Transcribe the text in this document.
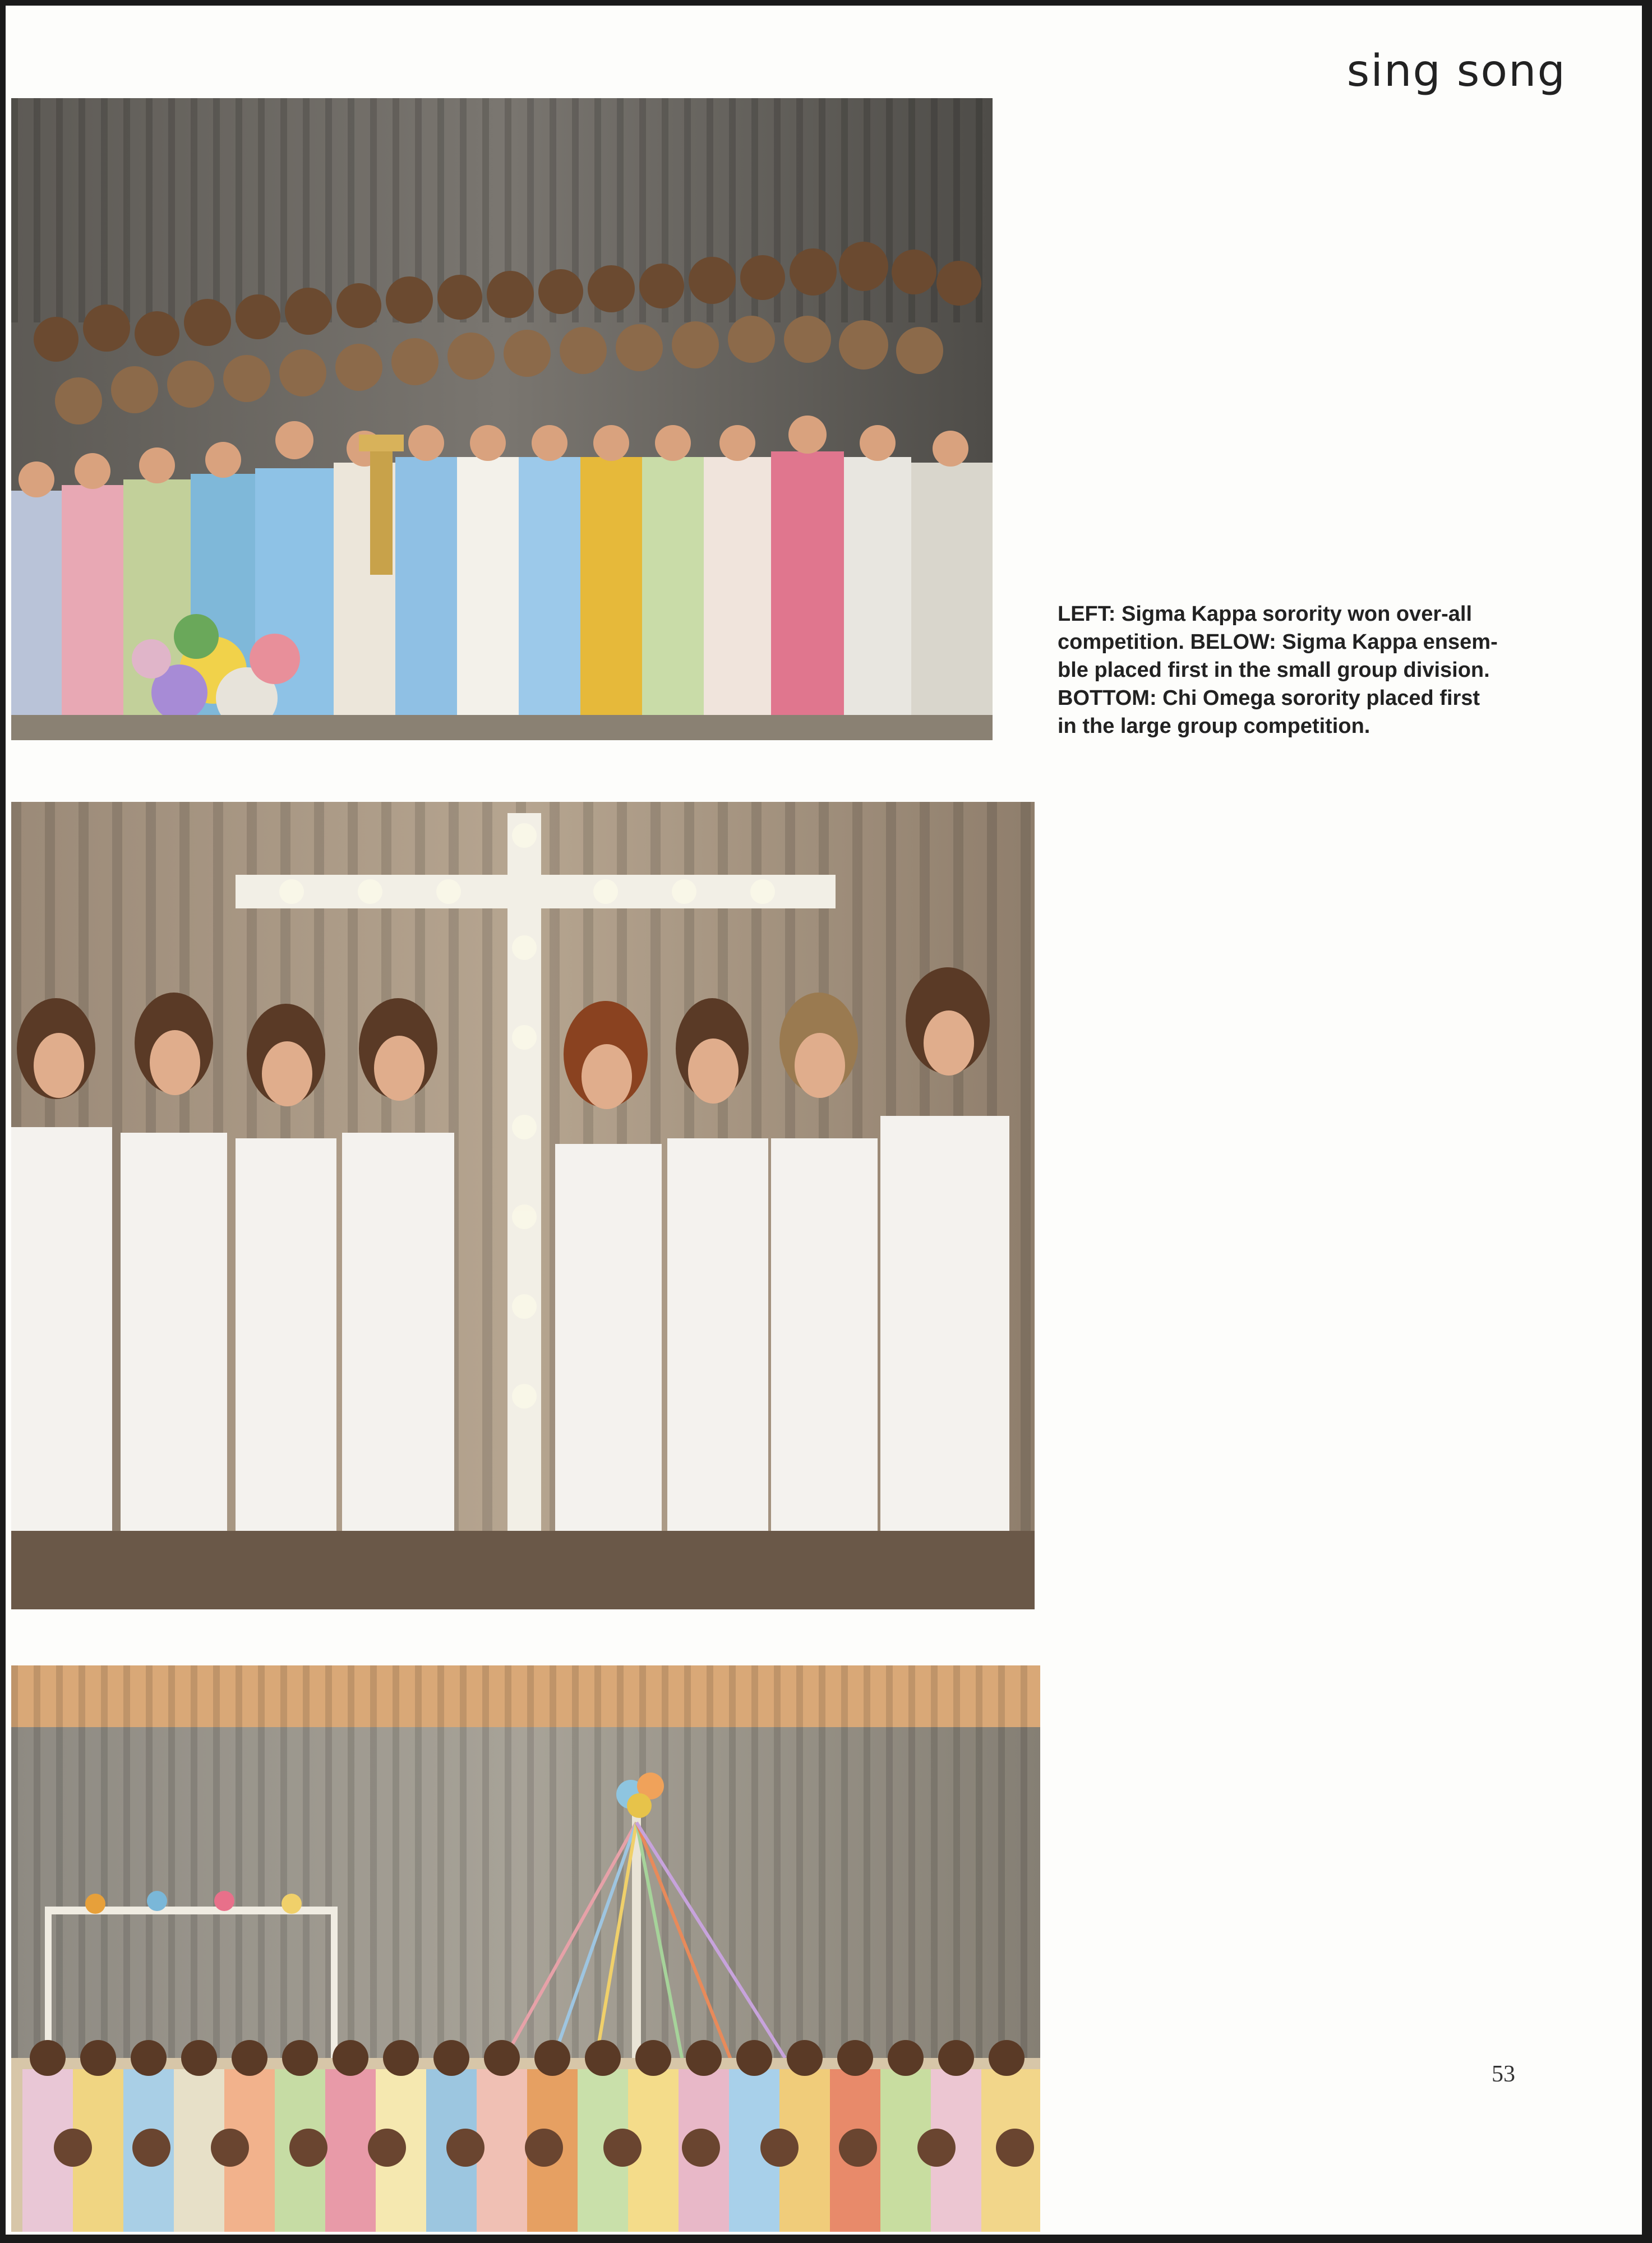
sing song
LEFT: Sigma Kappa sorority won over-all
competition. BELOW: Sigma Kappa ensem-
ble placed first in the small group division.
BOTTOM: Chi Omega sorority placed first
in the large group competition.
53
